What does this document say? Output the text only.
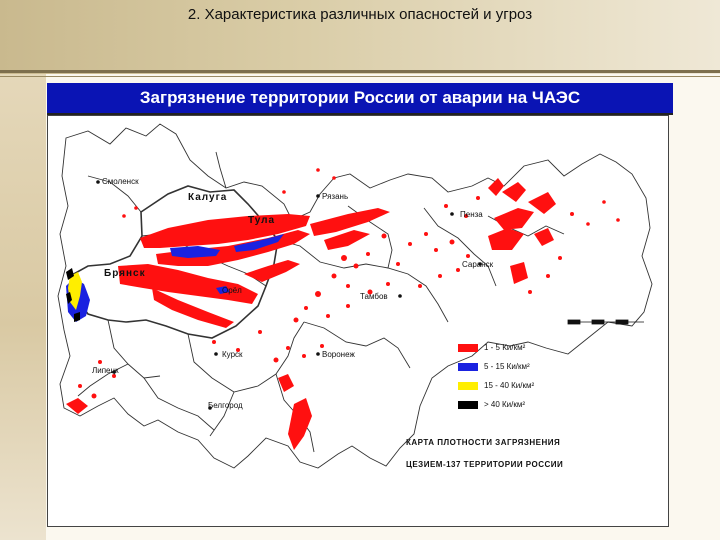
2. Характеристика различных опасностей и угроз
Загрязнение территории России от аварии на ЧАЭС
Калуга
Тула
Брянск
Орёл
Смоленск
Рязань
Пенза
Саранск
Тамбов
Курск	Воронеж
Липецк
Белгород
1 - 5 Ки/км²
5 - 15 Ки/км²
15 - 40 Ки/км²
> 40 Ки/км²
КАРТА ПЛОТНОСТИ ЗАГРЯЗНЕНИЯ
ЦЕЗИЕМ-137 ТЕРРИТОРИИ РОССИИ
